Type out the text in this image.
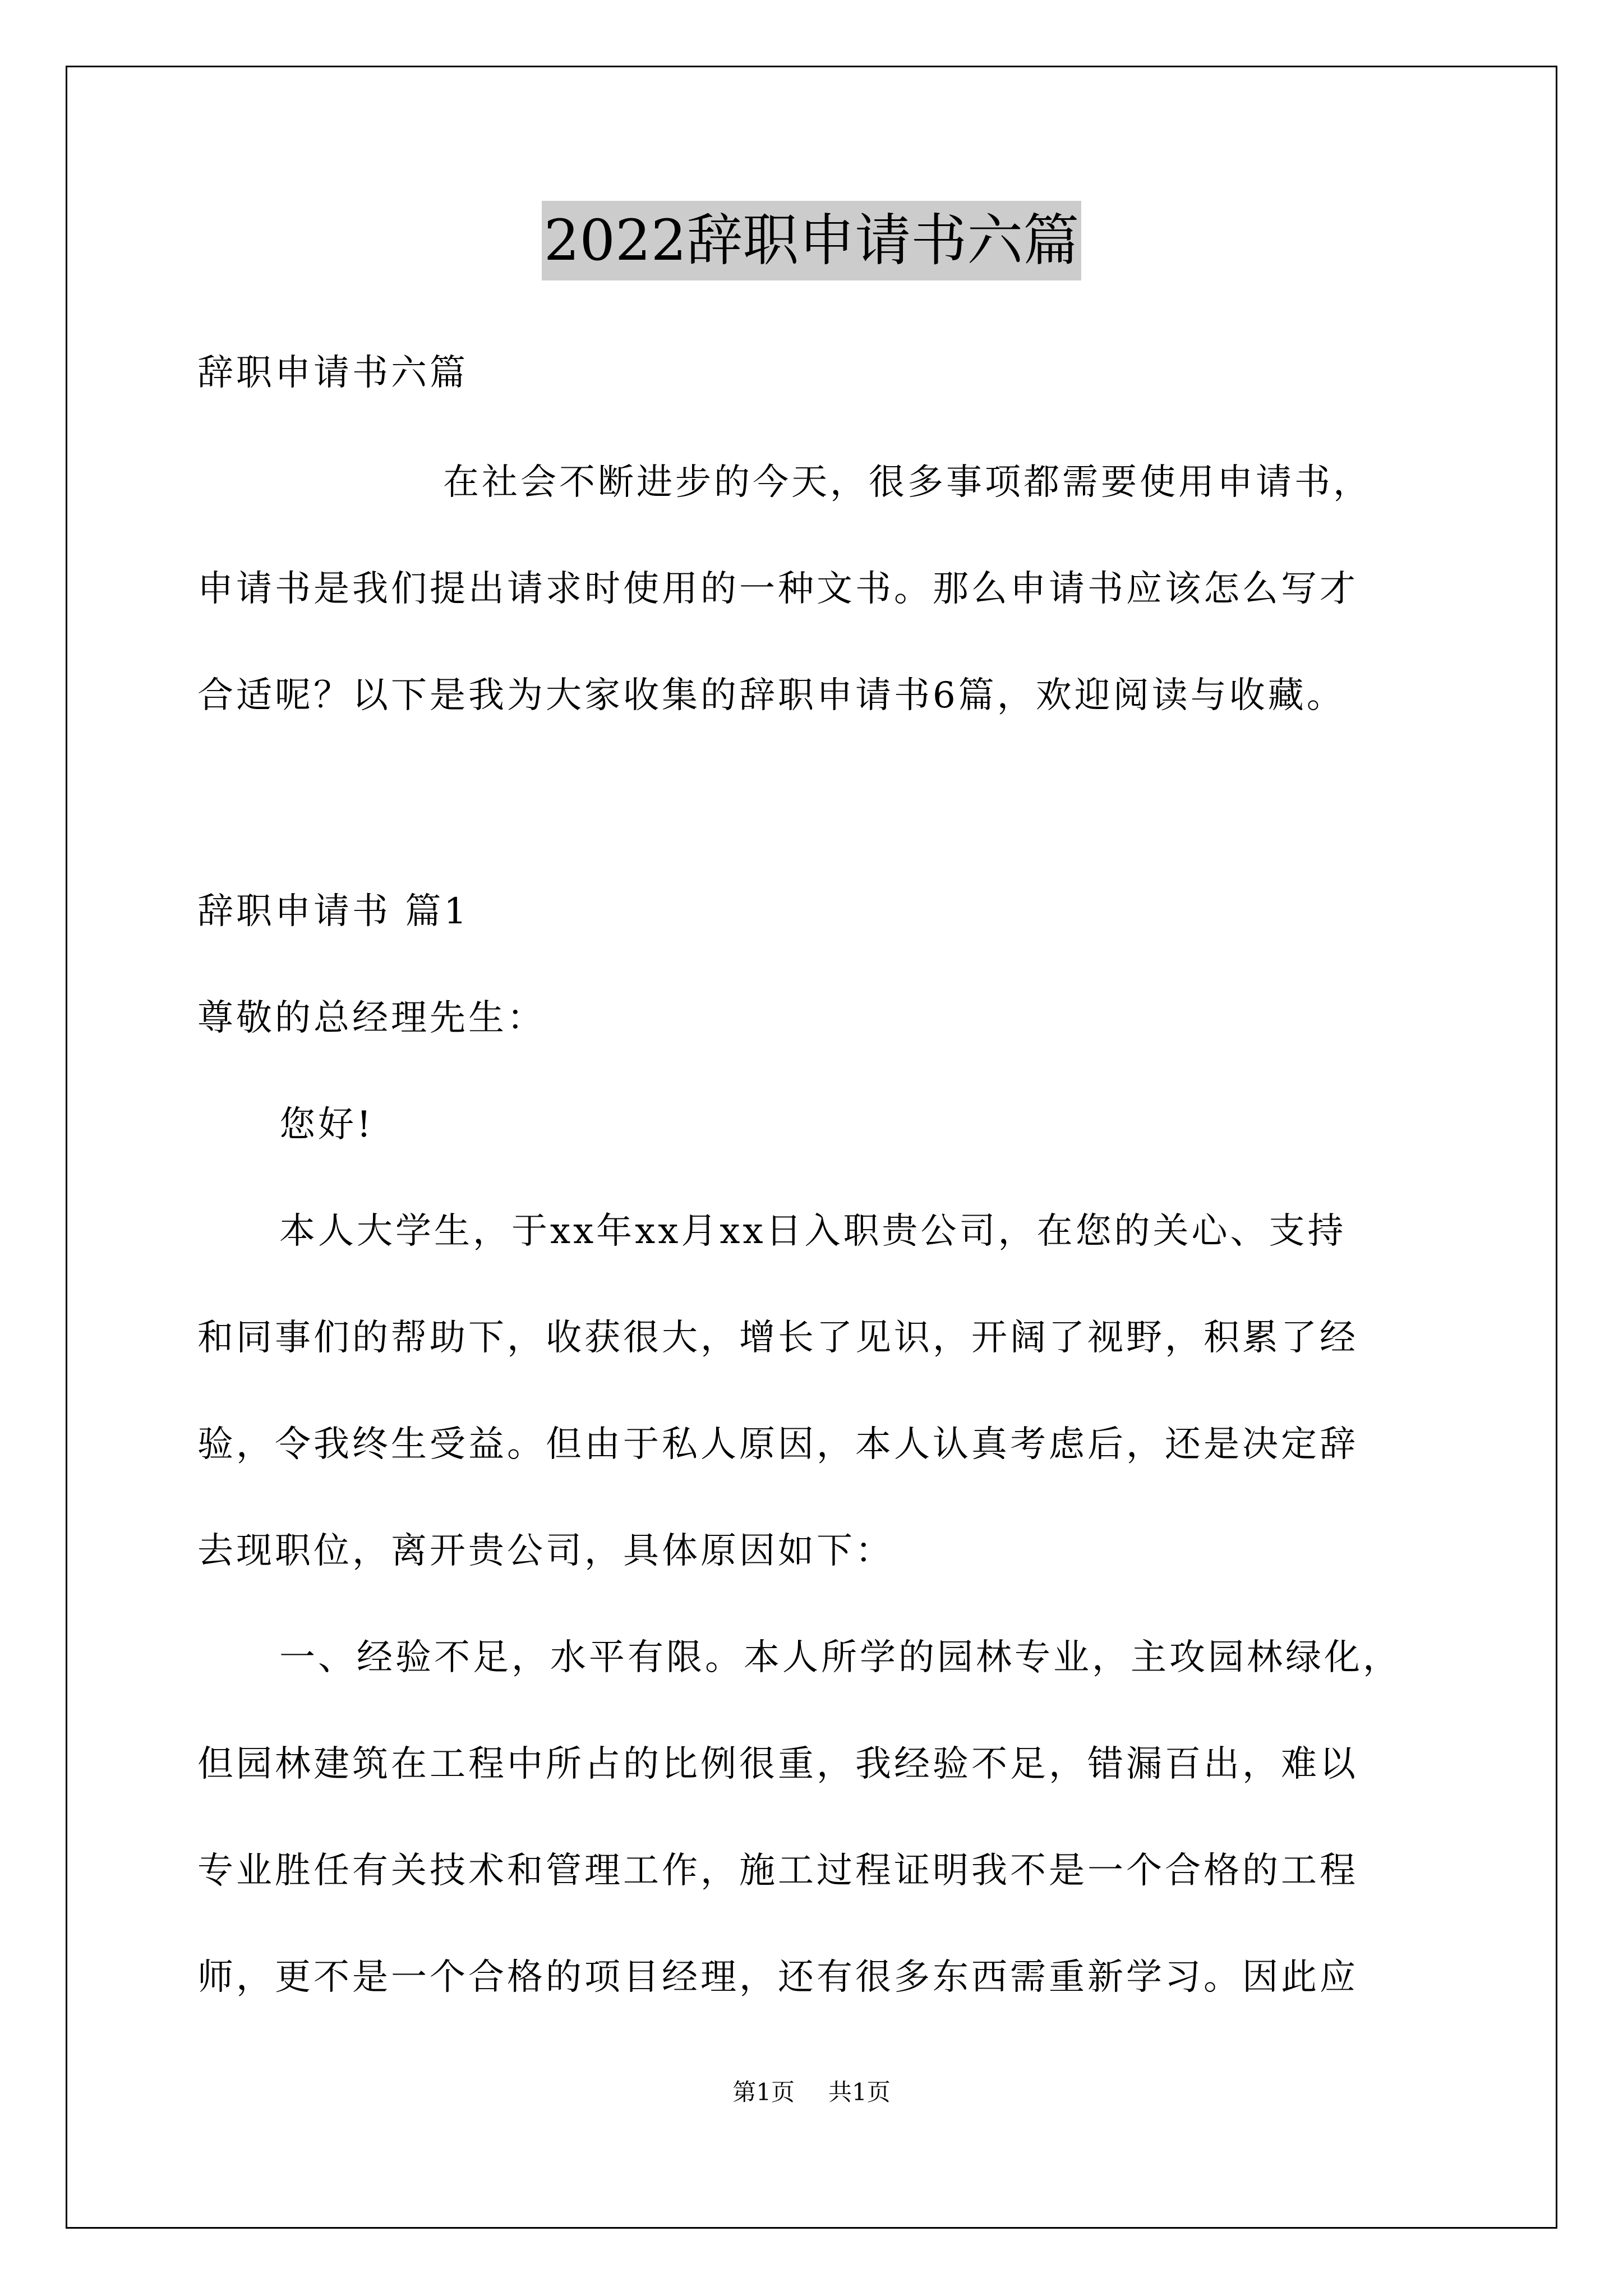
2022辞职申请书六篇

辞职申请书六篇

在社会不断进步的今天，很多事项都需要使用申请书，

申请书是我们提出请求时使用的一种文书。那么申请书应该怎么写才

合适呢？以下是我为大家收集的辞职申请书6篇，欢迎阅读与收藏。

辞职申请书 篇1

尊敬的总经理先生：

您好!

本人大学生，于xx年xx月xx日入职贵公司，在您的关心、支持

和同事们的帮助下，收获很大，增长了见识，开阔了视野，积累了经

验，令我终生受益。但由于私人原因，本人认真考虑后，还是决定辞

去现职位，离开贵公司，具体原因如下：

一、经验不足，水平有限。本人所学的园林专业，主攻园林绿化，

但园林建筑在工程中所占的比例很重，我经验不足，错漏百出，难以

专业胜任有关技术和管理工作，施工过程证明我不是一个合格的工程

师，更不是一个合格的项目经理，还有很多东西需重新学习。因此应

第1页 共1页
